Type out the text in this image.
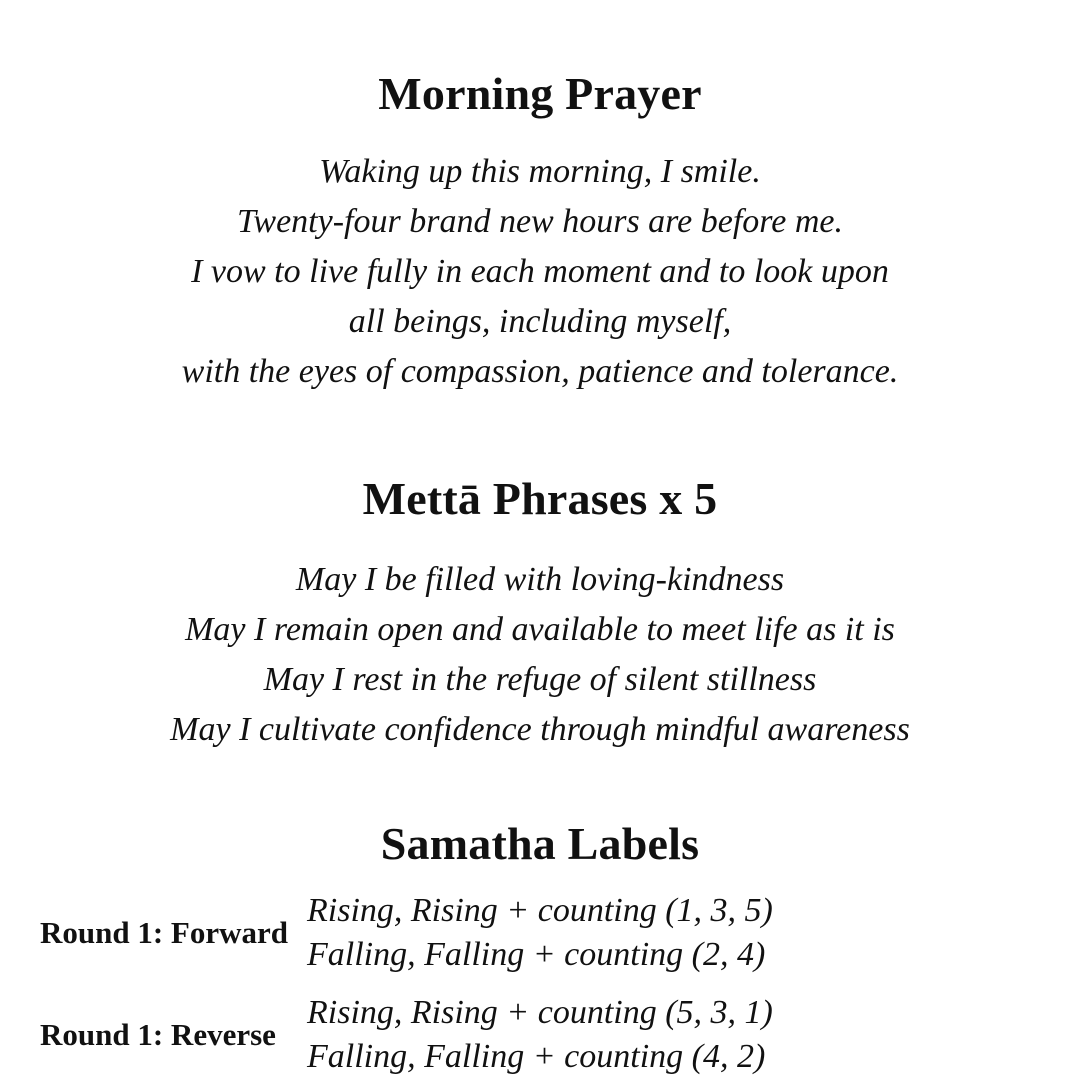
Morning Prayer
Waking up this morning, I smile.
Twenty-four brand new hours are before me.
I vow to live fully in each moment and to look upon
all beings, including myself,
with the eyes of compassion, patience and tolerance.
Mettā Phrases x 5
May I be filled with loving-kindness
May I remain open and available to meet life as it is
May I rest in the refuge of silent stillness
May I cultivate confidence through mindful awareness
Samatha Labels
Round 1: Forward
Rising, Rising + counting (1, 3, 5)
Falling, Falling + counting (2, 4)
Round 1: Reverse
Rising, Rising + counting (5, 3, 1)
Falling, Falling + counting (4, 2)
